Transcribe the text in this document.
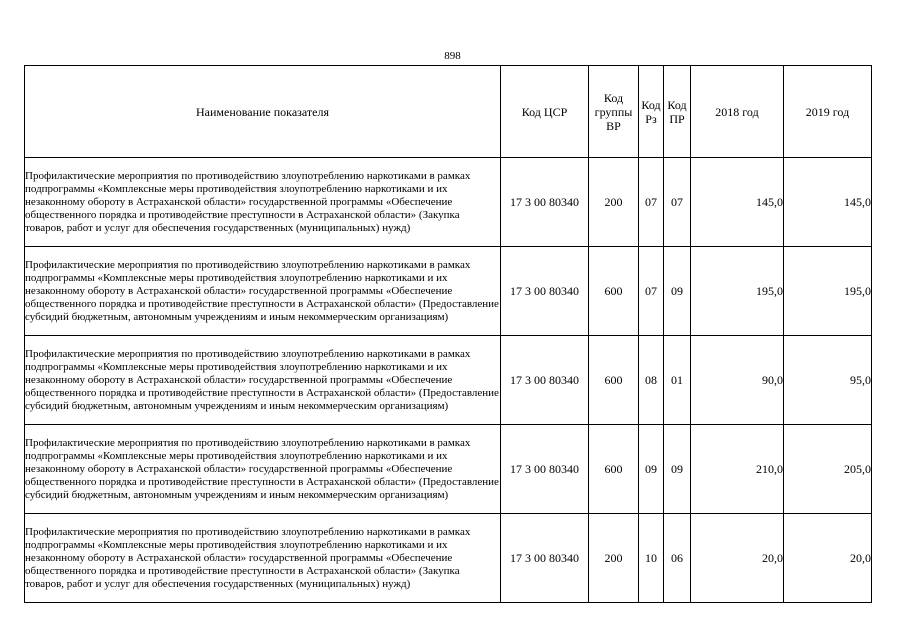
898
Наименование показателя	Код ЦСР	Код группы ВР	Код Рз	Код ПР	2018 год	2019 год
Профилактические мероприятия по противодействию злоупотреблению наркотиками в рамках подпрограммы «Комплексные меры противодействия злоупотреблению наркотиками и их незаконному обороту в Астраханской области» государственной программы «Обеспечение общественного порядка и противодействие преступности в Астраханской области» (Закупка товаров, работ и услуг для обеспечения государственных (муниципальных) нужд)	17 3 00 80340	200	07	07	145,0	145,0
Профилактические мероприятия по противодействию злоупотреблению наркотиками в рамках подпрограммы «Комплексные меры противодействия злоупотреблению наркотиками и их незаконному обороту в Астраханской области» государственной программы «Обеспечение общественного порядка и противодействие преступности в Астраханской области» (Предоставление субсидий бюджетным, автономным учреждениям и иным некоммерческим организациям)	17 3 00 80340	600	07	09	195,0	195,0
Профилактические мероприятия по противодействию злоупотреблению наркотиками в рамках подпрограммы «Комплексные меры противодействия злоупотреблению наркотиками и их незаконному обороту в Астраханской области» государственной программы «Обеспечение общественного порядка и противодействие преступности в Астраханской области» (Предоставление субсидий бюджетным, автономным учреждениям и иным некоммерческим организациям)	17 3 00 80340	600	08	01	90,0	95,0
Профилактические мероприятия по противодействию злоупотреблению наркотиками в рамках подпрограммы «Комплексные меры противодействия злоупотреблению наркотиками и их незаконному обороту в Астраханской области» государственной программы «Обеспечение общественного порядка и противодействие преступности в Астраханской области» (Предоставление субсидий бюджетным, автономным учреждениям и иным некоммерческим организациям)	17 3 00 80340	600	09	09	210,0	205,0
Профилактические мероприятия по противодействию злоупотреблению наркотиками в рамках подпрограммы «Комплексные меры противодействия злоупотреблению наркотиками и их незаконному обороту в Астраханской области» государственной программы «Обеспечение общественного порядка и противодействие преступности в Астраханской области» (Закупка товаров, работ и услуг для обеспечения государственных (муниципальных) нужд)	17 3 00 80340	200	10	06	20,0	20,0
